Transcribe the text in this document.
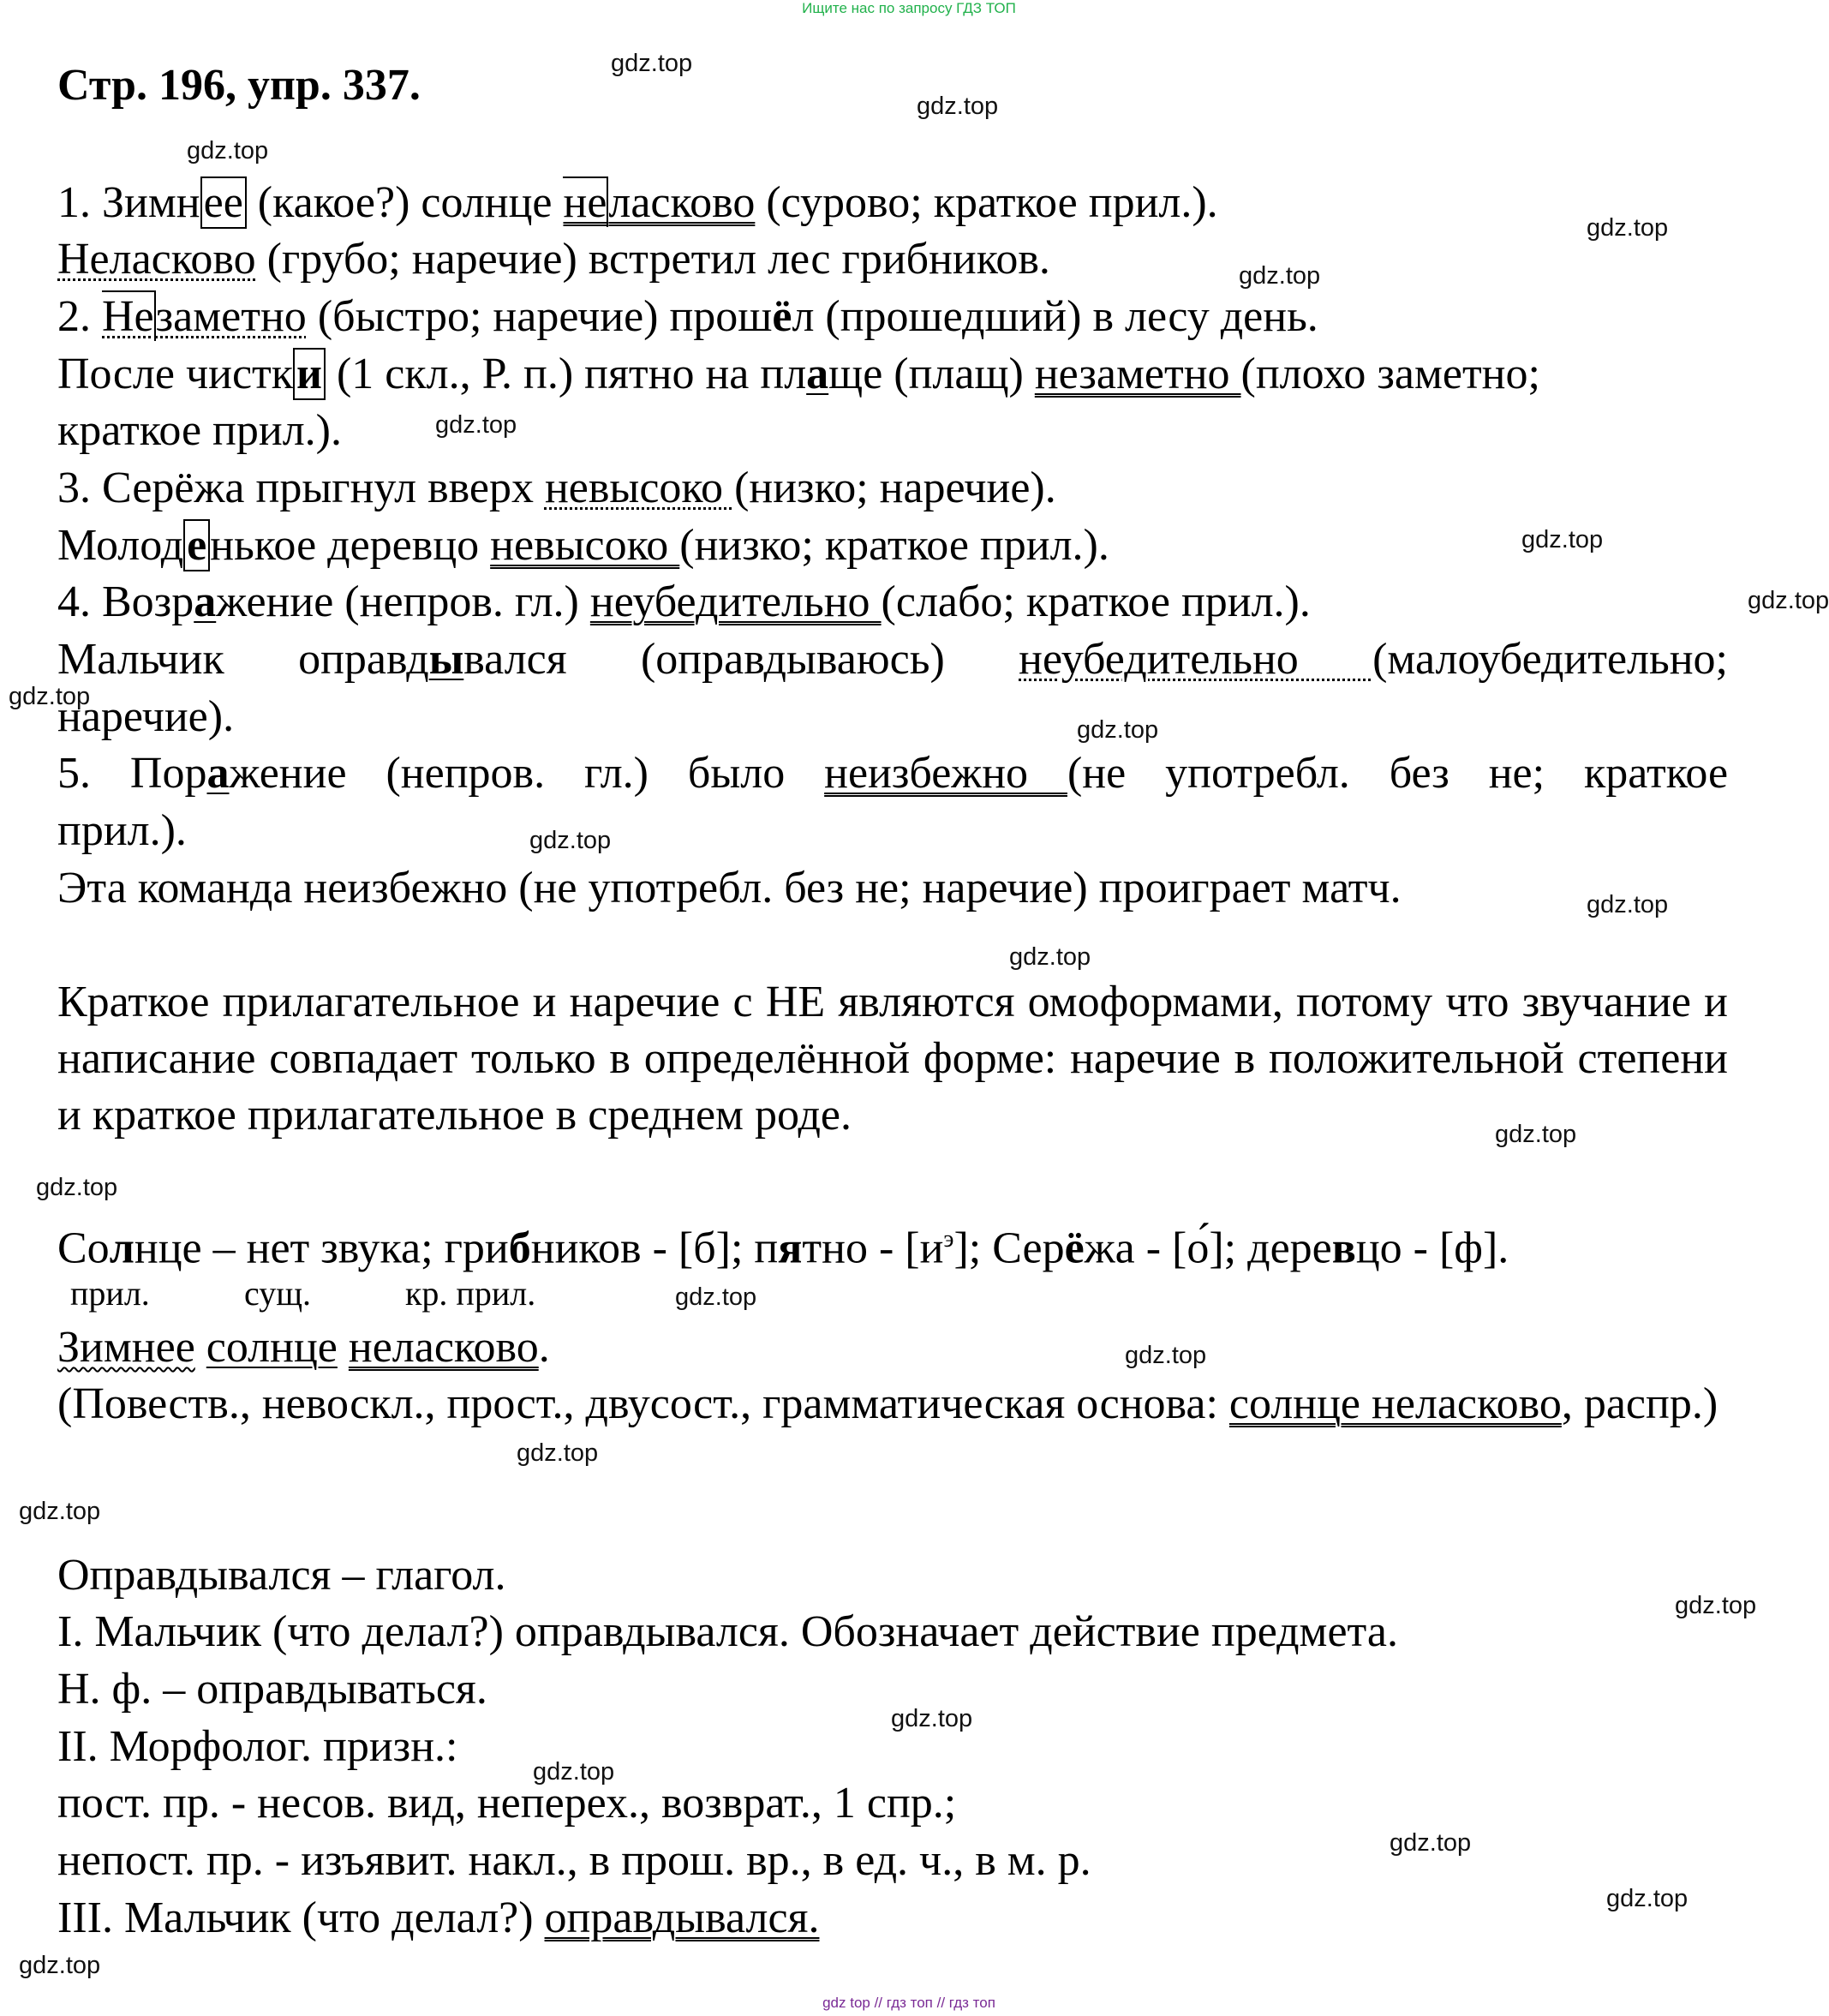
Ищите нас по запросу ГДЗ ТОП
gdz.top
gdz.top
gdz.top
gdz.top
gdz.top
gdz.top
gdz.top
gdz.top
gdz.top
gdz.top
gdz.top
gdz.top
gdz.top
gdz.top
gdz.top
gdz.top
gdz.top
gdz.top
gdz.top
gdz.top
gdz.top
gdz.top
gdz.top
gdz.top
gdz.top
Стр. 196, упр. 337.
1. Зимнее (какое?) солнце неласково (сурово; краткое прил.).
Неласково (грубо; наречие) встретил лес грибников.
2. Незаметно (быстро; наречие) прошёл (прошедший) в лесу день.
После чистки (1 скл., Р. п.) пятно на плаще (плащ) незаметно (плохо заметно;
краткое прил.).
3. Серёжа прыгнул вверх невысоко (низко; наречие).
Молоденькое деревцо невысоко (низко; краткое прил.).
4. Возражение (непров. гл.) неубедительно (слабо; краткое прил.).
Мальчик оправдывался (оправдываюсь) неубедительно (малоубедительно;
наречие).
5. Поражение (непров. гл.) было неизбежно (не употребл. без не; краткое
прил.).
Эта команда неизбежно (не употребл. без не; наречие) проиграет матч.
Краткое прилагательное и наречие с НЕ являются омоформами, потому что звучание и написание совпадает только в определённой форме: наречие в положительной степени и краткое прилагательное в среднем роде.
Солнце – нет звука; грибников - [б]; пятно - $[и^э]$; Серёжа - [о́]; деревцо - [ф].
прил.	сущ.	кр. прил.
Зимнее солнце неласково.
(Повеств., невоскл., прост., двусост., грамматическая основа: солнце неласково, распр.)
Оправдывался – глагол.
I. Мальчик (что делал?) оправдывался. Обозначает действие предмета.
Н. ф. – оправдываться.
II. Морфолог. призн.:
пост. пр. - несов. вид, неперех., возврат., 1 спр.;
непост. пр. - изъявит. накл., в прош. вр., в ед. ч., в м. р.
III. Мальчик (что делал?) оправдывался.
gdz top // гдз топ // гдз топ
